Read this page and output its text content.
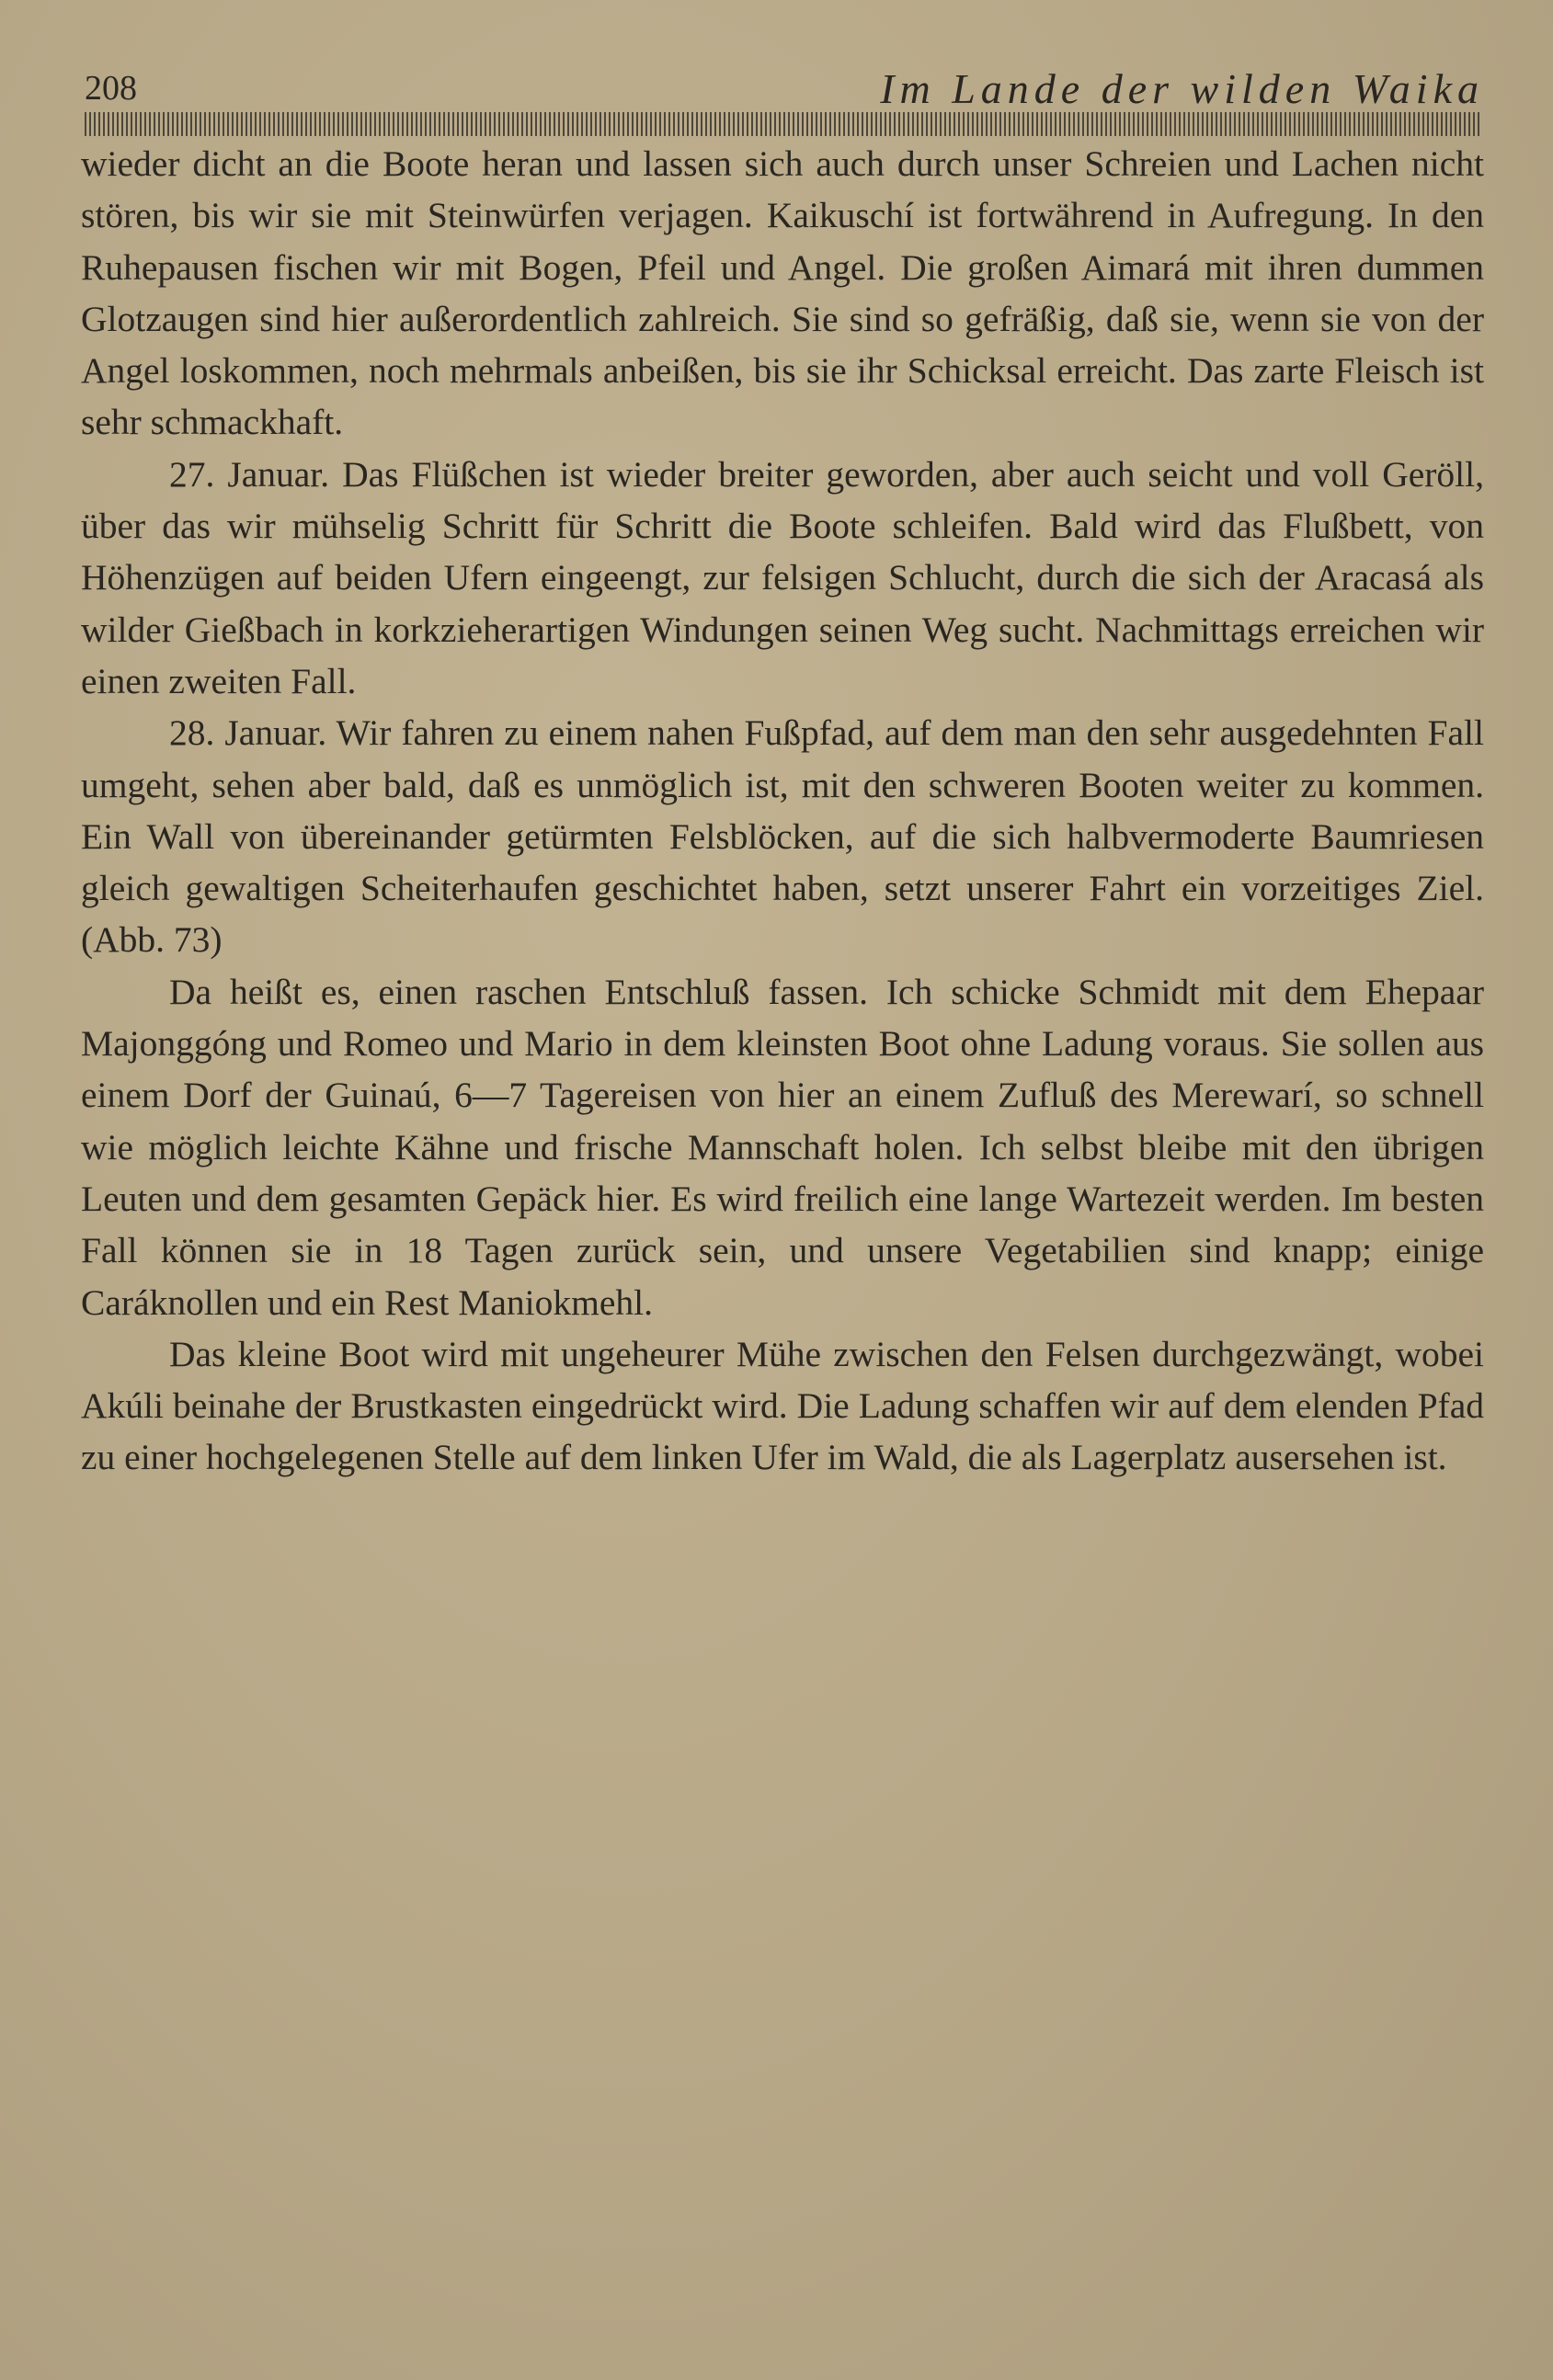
208	Im Lande der wilden Waika

wieder dicht an die Boote heran und lassen sich auch durch unser Schreien und Lachen nicht stören, bis wir sie mit Steinwürfen verjagen. Kaikuschí ist fortwährend in Aufregung. In den Ruhepausen fischen wir mit Bogen, Pfeil und Angel. Die großen Aimará mit ihren dummen Glotzaugen sind hier außerordentlich zahlreich. Sie sind so gefräßig, daß sie, wenn sie von der Angel loskommen, noch mehrmals anbeißen, bis sie ihr Schicksal erreicht. Das zarte Fleisch ist sehr schmackhaft.

27. Januar. Das Flüßchen ist wieder breiter geworden, aber auch seicht und voll Geröll, über das wir mühselig Schritt für Schritt die Boote schleifen. Bald wird das Flußbett, von Höhenzügen auf beiden Ufern eingeengt, zur felsigen Schlucht, durch die sich der Aracasá als wilder Gießbach in korkzieherartigen Windungen seinen Weg sucht. Nachmittags erreichen wir einen zweiten Fall.

28. Januar. Wir fahren zu einem nahen Fußpfad, auf dem man den sehr ausgedehnten Fall umgeht, sehen aber bald, daß es unmöglich ist, mit den schweren Booten weiter zu kommen. Ein Wall von übereinander getürmten Felsblöcken, auf die sich halbvermoderte Baumriesen gleich gewaltigen Scheiterhaufen geschichtet haben, setzt unserer Fahrt ein vorzeitiges Ziel. (Abb. 73)

Da heißt es, einen raschen Entschluß fassen. Ich schicke Schmidt mit dem Ehepaar Majonggóng und Romeo und Mario in dem kleinsten Boot ohne Ladung voraus. Sie sollen aus einem Dorf der Guinaú, 6—7 Tagereisen von hier an einem Zufluß des Merewarí, so schnell wie möglich leichte Kähne und frische Mannschaft holen. Ich selbst bleibe mit den übrigen Leuten und dem gesamten Gepäck hier. Es wird freilich eine lange Wartezeit werden. Im besten Fall können sie in 18 Tagen zurück sein, und unsere Vegetabilien sind knapp; einige Caráknollen und ein Rest Maniokmehl.

Das kleine Boot wird mit ungeheurer Mühe zwischen den Felsen durchgezwängt, wobei Akúli beinahe der Brustkasten eingedrückt wird. Die Ladung schaffen wir auf dem elenden Pfad zu einer hochgelegenen Stelle auf dem linken Ufer im Wald, die als Lagerplatz ausersehen ist.
